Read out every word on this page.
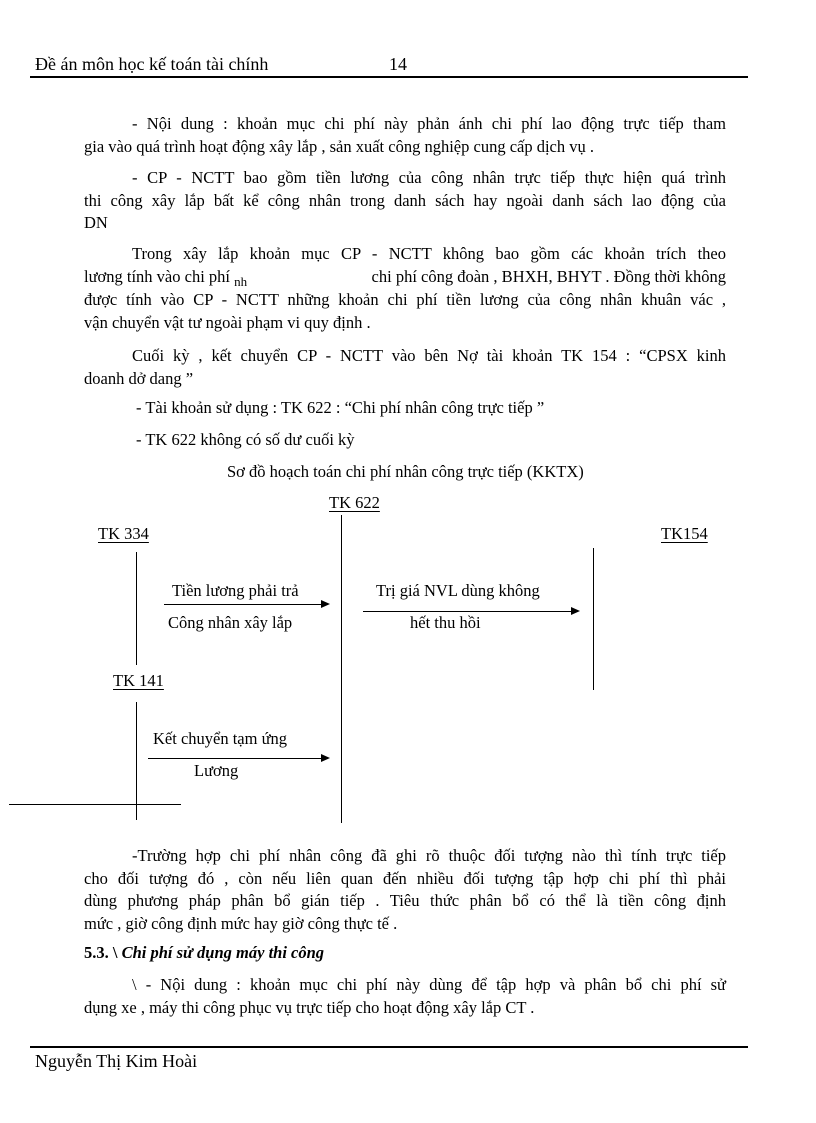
Đề án môn học kế toán tài chính	14
- Nội dung : khoản mục chi phí này phản ánh chi phí lao động trực tiếp tham
gia vào quá trình hoạt động xây lắp , sản xuất công nghiệp cung cấp dịch vụ .
- CP - NCTT bao gồm tiền lương của công nhân trực tiếp thực hiện quá trình
thi công xây lắp bất kể công nhân trong danh sách hay ngoài danh sách lao động của
DN
Trong xây lắp khoản mục CP - NCTT không bao gồm các khoản trích theo
lương tính vào chi phí $_{nh}$	chi phí công đoàn , BHXH, BHYT . Đồng thời không
được tính vào CP - NCTT những khoản chi phí tiền lương của công nhân khuân vác ,
vận chuyển vật tư ngoài phạm vi quy định .
Cuối kỳ , kết chuyển CP - NCTT vào bên Nợ tài khoản TK 154 : “CPSX kinh
doanh dở dang ”
- Tài khoản sử dụng : TK 622 : “Chi phí nhân công trực tiếp ”
- TK 622 không có số dư cuối kỳ
Sơ đồ hoạch toán chi phí nhân công trực tiếp (KKTX)
TK 622
TK 334	TK154
Tiền lương phải trả
Công nhân xây lắp
Trị giá NVL dùng không
hết thu hồi
TK 141
Kết chuyển tạm ứng
Lương
-Trường hợp chi phí nhân công đã ghi rõ thuộc đối tượng nào thì tính trực tiếp
cho đối tượng đó , còn nếu liên quan đến nhiều đối tượng tập hợp chi phí thì phải
dùng phương pháp phân bổ gián tiếp . Tiêu thức phân bổ có thể là tiền công định
mức , giờ công định mức hay giờ công thực tế .
5.3. \ Chi phí sử dụng máy thi công
\ - Nội dung : khoản mục chi phí này dùng để tập hợp và phân bổ chi phí sử
dụng xe , máy thi công phục vụ trực tiếp cho hoạt động xây lắp CT .
Nguyễn Thị Kim Hoài
